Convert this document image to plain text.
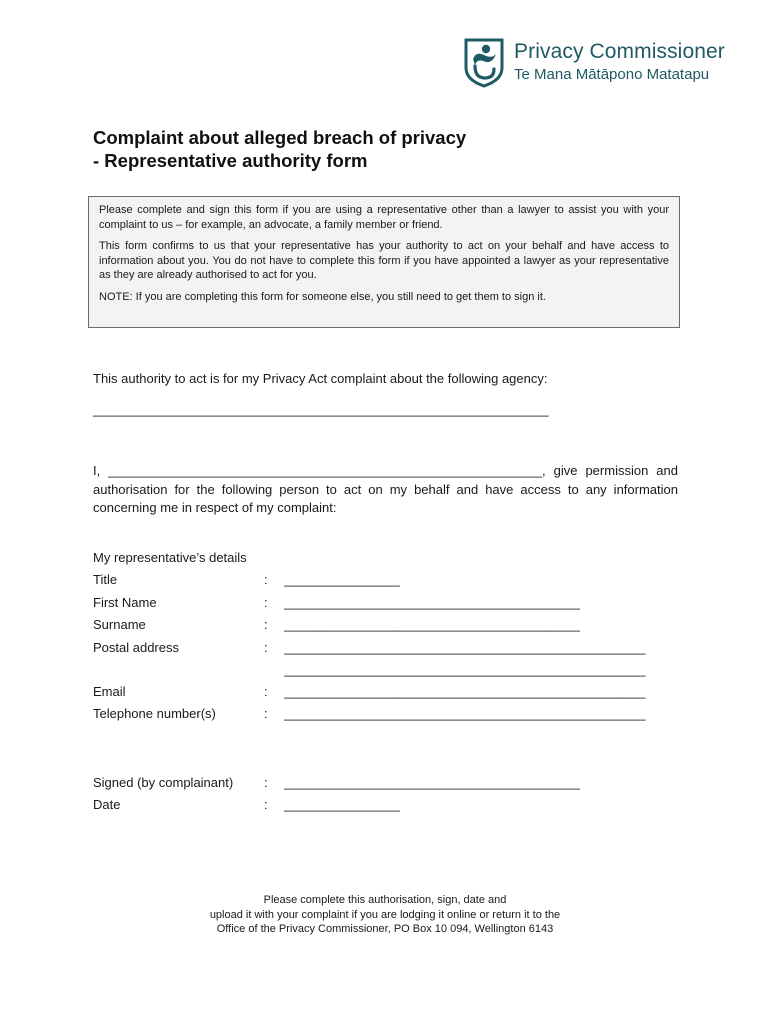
Privacy Commissioner
Te Mana Mātāpono Matatapu
Complaint about alleged breach of privacy
- Representative authority form

Please complete and sign this form if you are using a representative other than a lawyer to assist you with your complaint to us – for example, an advocate, a family member or friend.

This form confirms to us that your representative has your authority to act on your behalf and have access to information about you. You do not have to complete this form if you have appointed a lawyer as your representative as they are already authorised to act for you.

NOTE: If you are completing this form for someone else, you still need to get them to sign it.

This authority to act is for my Privacy Act complaint about the following agency:
_______________________________________________________________
I, ____________________________________________________________, give permission and authorisation for the following person to act on my behalf and have access to any information concerning me in respect of my complaint:
My representative’s details
Title	: ________________
First Name	: _________________________________________
Surname	: _________________________________________
Postal address	: __________________________________________________
__________________________________________________
Email	: __________________________________________________
Telephone number(s)	: __________________________________________________
Signed (by complainant) : _________________________________________
Date	: ________________
Please complete this authorisation, sign, date and
upload it with your complaint if you are lodging it online or return it to the
Office of the Privacy Commissioner, PO Box 10 094, Wellington 6143
